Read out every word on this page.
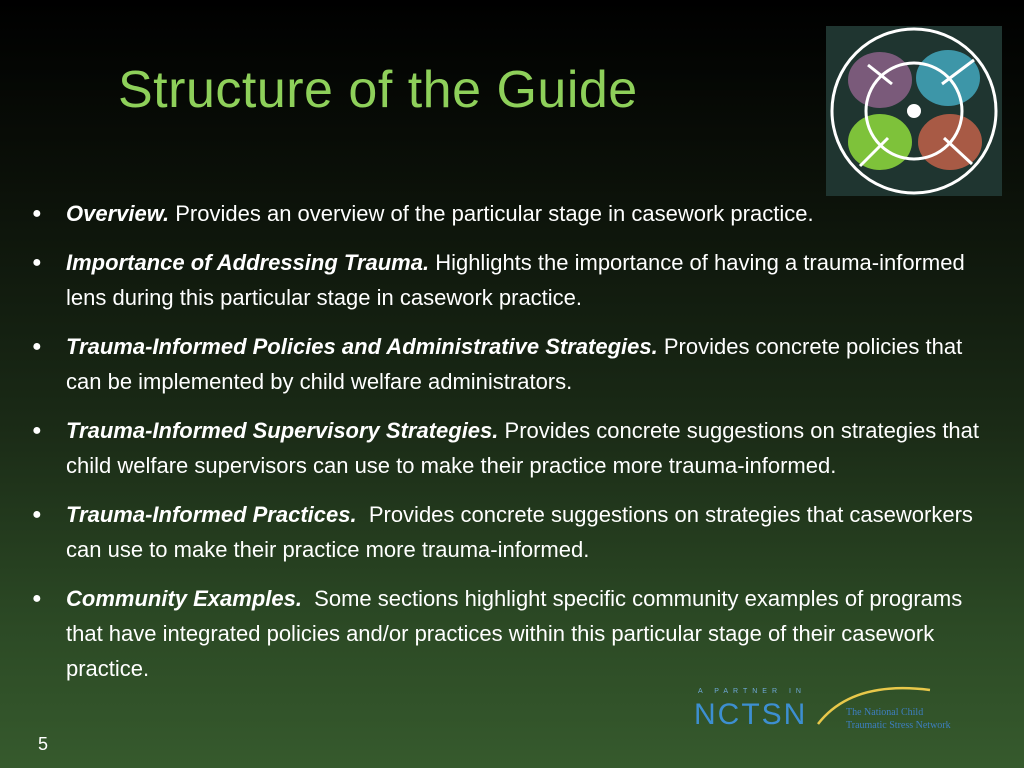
Structure of the Guide
● Overview. Provides an overview of the particular stage in casework practice.
● Importance of Addressing Trauma. Highlights the importance of having a trauma-informed lens during this particular stage in casework practice.
● Trauma-Informed Policies and Administrative Strategies. Provides concrete policies that can be implemented by child welfare administrators.
● Trauma-Informed Supervisory Strategies. Provides concrete suggestions on strategies that child welfare supervisors can use to make their practice more trauma-informed.
● Trauma-Informed Practices.  Provides concrete suggestions on strategies that caseworkers can use to make their practice more trauma-informed.
● Community Examples.  Some sections highlight specific community examples of programs that have integrated policies and/or practices within this particular stage of their casework practice.
5
A PARTNER IN
NCTSN	The National Child
Traumatic Stress Network
